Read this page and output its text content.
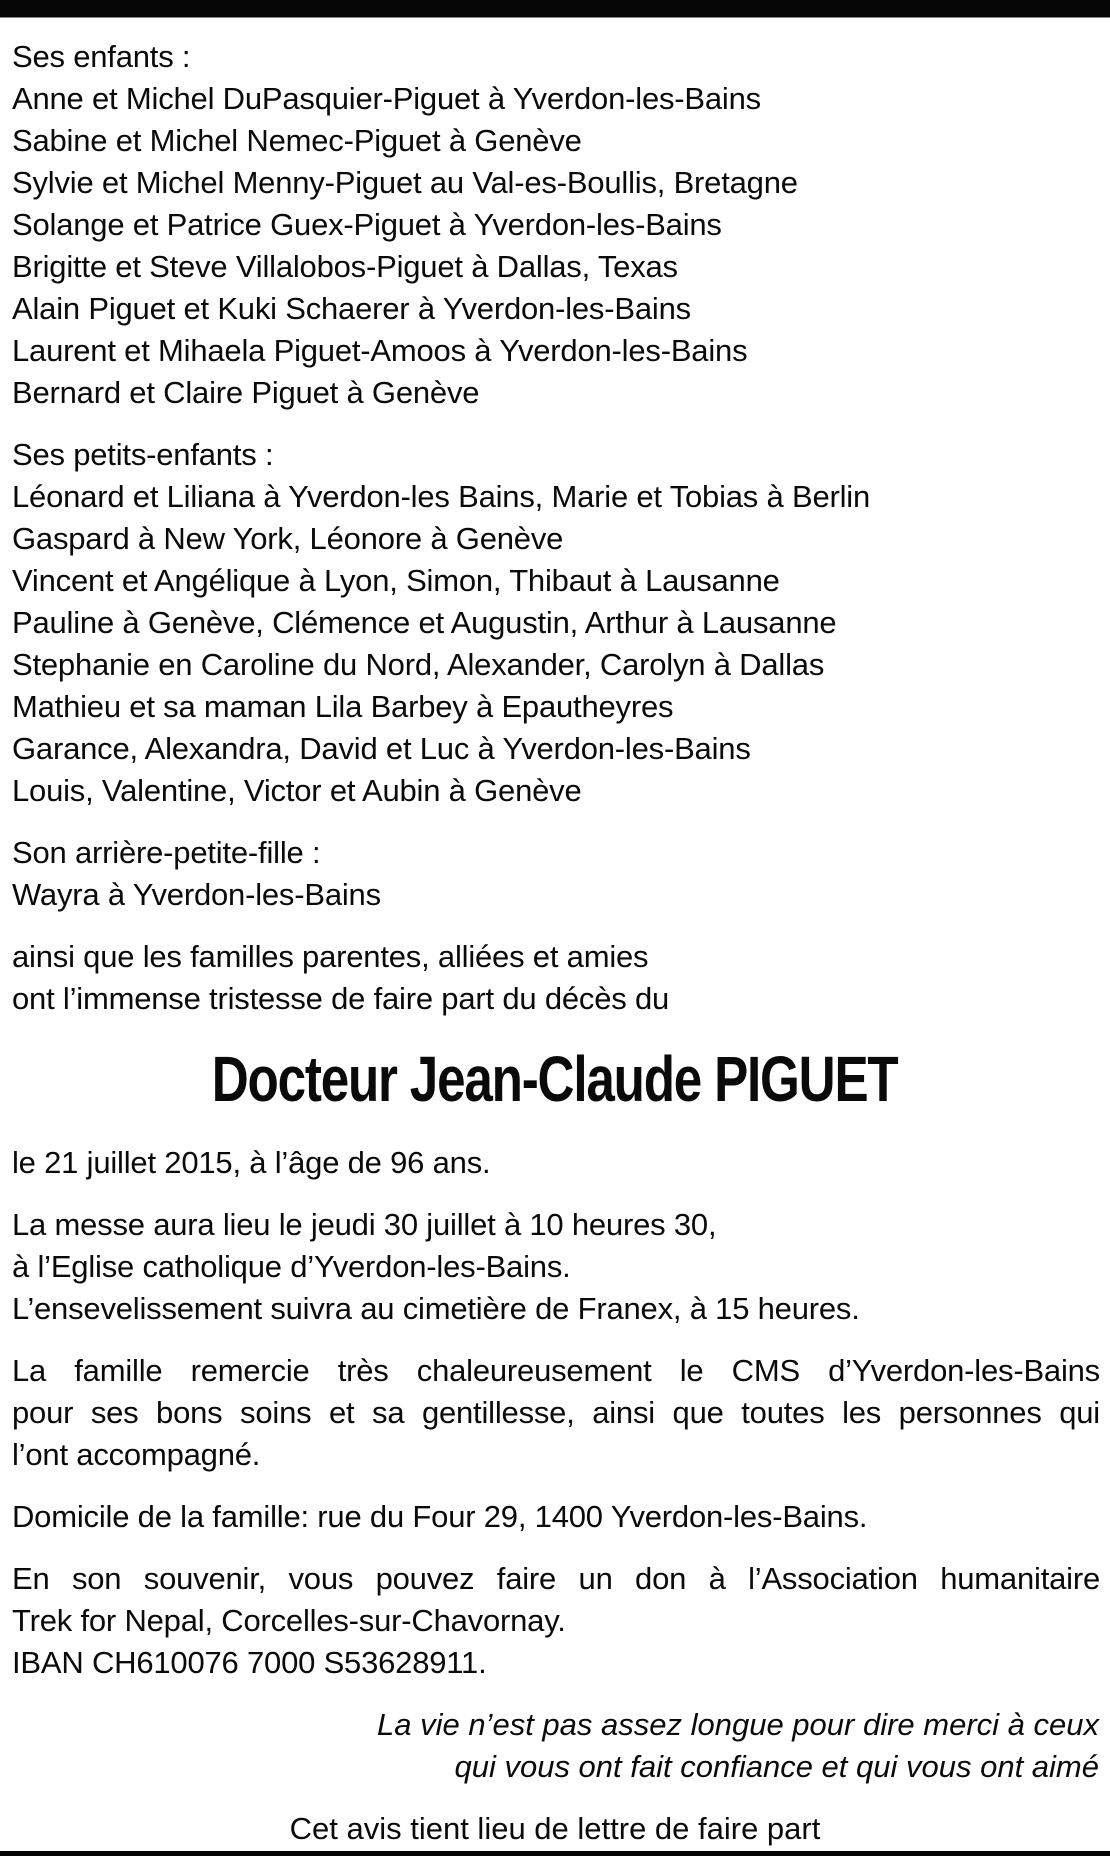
Ses enfants :
Anne et Michel DuPasquier-Piguet à Yverdon-les-Bains
Sabine et Michel Nemec-Piguet à Genève
Sylvie et Michel Menny-Piguet au Val-es-Boullis, Bretagne
Solange et Patrice Guex-Piguet à Yverdon-les-Bains
Brigitte et Steve Villalobos-Piguet à Dallas, Texas
Alain Piguet et Kuki Schaerer à Yverdon-les-Bains
Laurent et Mihaela Piguet-Amoos à Yverdon-les-Bains
Bernard et Claire Piguet à Genève

Ses petits-enfants :
Léonard et Liliana à Yverdon-les Bains, Marie et Tobias à Berlin
Gaspard à New York, Léonore à Genève
Vincent et Angélique à Lyon, Simon, Thibaut à Lausanne
Pauline à Genève, Clémence et Augustin, Arthur à Lausanne
Stephanie en Caroline du Nord, Alexander, Carolyn à Dallas
Mathieu et sa maman Lila Barbey à Epautheyres
Garance, Alexandra, David et Luc à Yverdon-les-Bains
Louis, Valentine, Victor et Aubin à Genève

Son arrière-petite-fille :
Wayra à Yverdon-les-Bains

ainsi que les familles parentes, alliées et amies
ont l’immense tristesse de faire part du décès du

Docteur Jean-Claude PIGUET

le 21 juillet 2015, à l’âge de 96 ans.

La messe aura lieu le jeudi 30 juillet à 10 heures 30,
à l’Eglise catholique d’Yverdon-les-Bains.
L’ensevelissement suivra au cimetière de Franex, à 15 heures.

La famille remercie très chaleureusement le CMS d’Yverdon-les-Bains
pour ses bons soins et sa gentillesse, ainsi que toutes les personnes qui
l’ont accompagné.

Domicile de la famille: rue du Four 29, 1400 Yverdon-les-Bains.

En son souvenir, vous pouvez faire un don à l’Association humanitaire
Trek for Nepal, Corcelles-sur-Chavornay.
IBAN CH610076 7000 S53628911.

La vie n’est pas assez longue pour dire merci à ceux
qui vous ont fait confiance et qui vous ont aimé

Cet avis tient lieu de lettre de faire part
